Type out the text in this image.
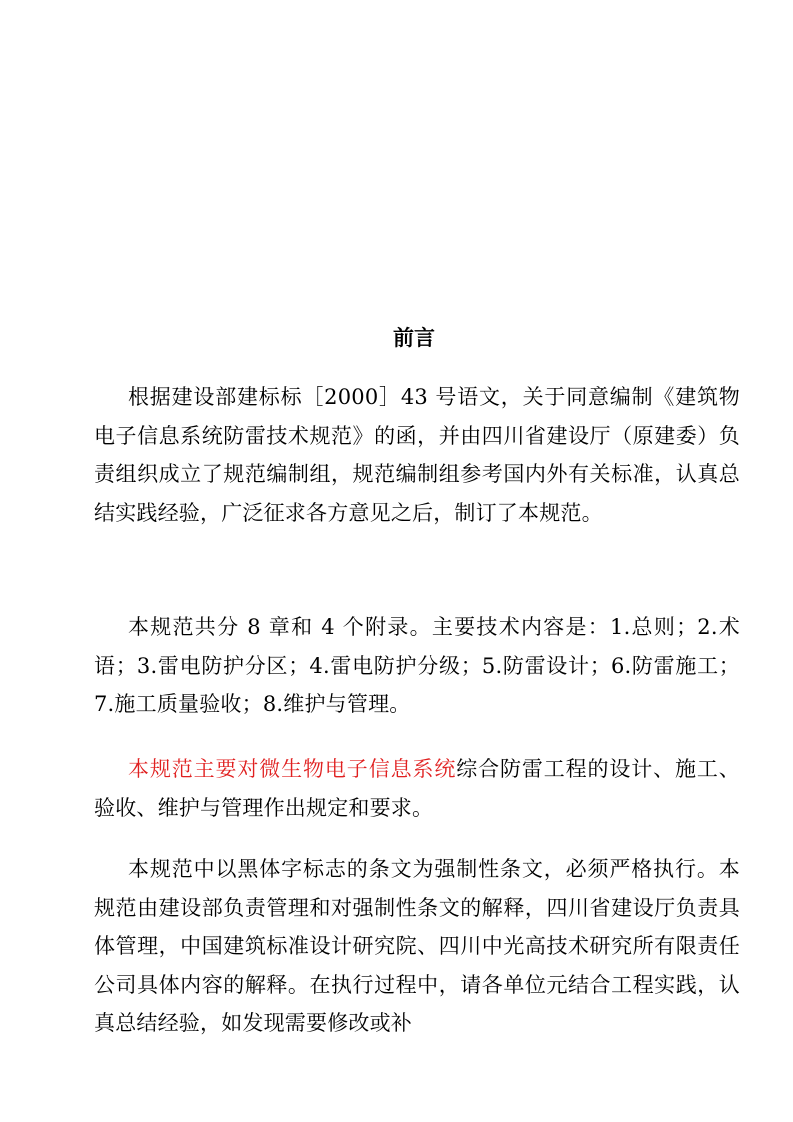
前言

根据建设部建标标［2000］43 号语文，关于同意编制《建筑物电子信息系统防雷技术规范》的函，并由四川省建设厅（原建委）负责组织成立了规范编制组，规范编制组参考国内外有关标准，认真总结实践经验，广泛征求各方意见之后，制订了本规范。

本规范共分 8 章和 4 个附录。主要技术内容是：1.总则；2.术语；3.雷电防护分区；4.雷电防护分级；5.防雷设计；6.防雷施工；7.施工质量验收；8.维护与管理。

本规范主要对微生物电子信息系统综合防雷工程的设计、施工、验收、维护与管理作出规定和要求。

本规范中以黑体字标志的条文为强制性条文，必须严格执行。本规范由建设部负责管理和对强制性条文的解释，四川省建设厅负责具体管理，中国建筑标准设计研究院、四川中光高技术研究所有限责任公司具体内容的解释。在执行过程中，请各单位元结合工程实践，认真总结经验，如发现需要修改或补
